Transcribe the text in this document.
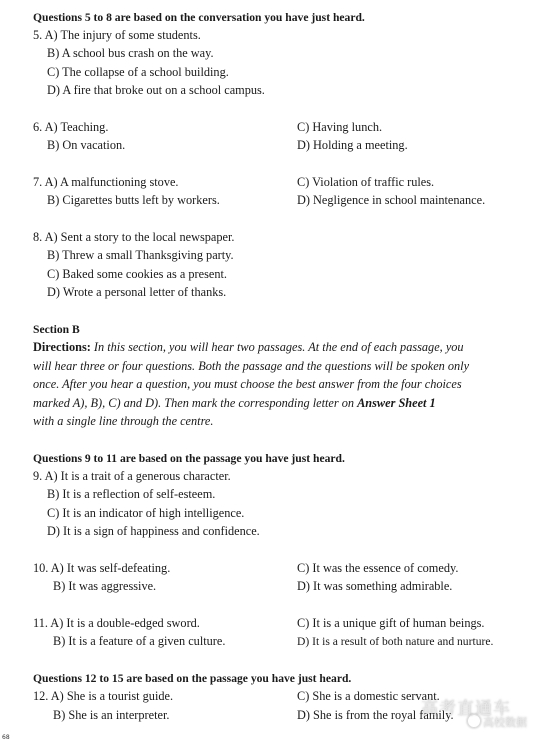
Questions 5 to 8 are based on the conversation you have just heard.
5. A) The injury of some students.
B) A school bus crash on the way.
C) The collapse of a school building.
D) A fire that broke out on a school campus.
6. A) Teaching.
B) On vacation.
C) Having lunch.
D) Holding a meeting.
7. A) A malfunctioning stove.
B) Cigarettes butts left by workers.
C) Violation of traffic rules.
D) Negligence in school maintenance.
8. A) Sent a story to the local newspaper.
B) Threw a small Thanksgiving party.
C) Baked some cookies as a present.
D) Wrote a personal letter of thanks.
Section B
Directions: In this section, you will hear two passages. At the end of each passage, you
will hear three or four questions. Both the passage and the questions will be spoken only
once. After you hear a question, you must choose the best answer from the four choices
marked A), B), C) and D). Then mark the corresponding letter on Answer Sheet 1
with a single line through the centre.
Questions 9 to 11 are based on the passage you have just heard.
9. A) It is a trait of a generous character.
B) It is a reflection of self-esteem.
C) It is an indicator of high intelligence.
D) It is a sign of happiness and confidence.
10. A) It was self-defeating.
B) It was aggressive.
C) It was the essence of comedy.
D) It was something admirable.
11. A) It is a double-edged sword.
B) It is a feature of a given culture.
C) It is a unique gift of human beings.
D) It is a result of both nature and nurture.
Questions 12 to 15 are based on the passage you have just heard.
12. A) She is a tourist guide.
B) She is an interpreter.
C) She is a domestic servant.
D) She is from the royal family.
高考直通车
高校数据
68
